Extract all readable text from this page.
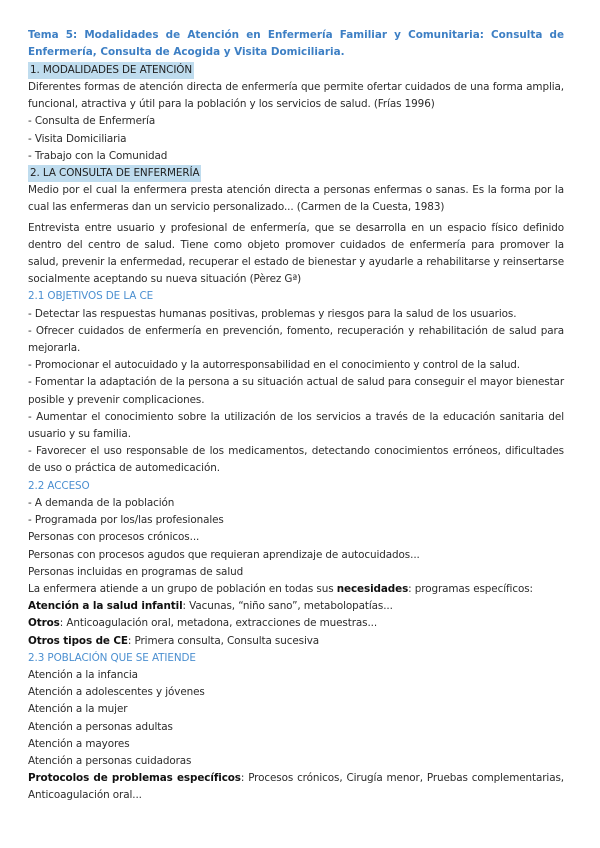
Tema 5: Modalidades de Atención en Enfermería Familiar y Comunitaria: Consulta de Enfermería, Consulta de Acogida y Visita Domiciliaria.

1. MODALIDADES DE ATENCIÓN

Diferentes formas de atención directa de enfermería que permite ofertar cuidados de una forma amplia, funcional, atractiva y útil para la población y los servicios de salud. (Frías 1996)

- Consulta de Enfermería

- Visita Domiciliaria

- Trabajo con la Comunidad

2. LA CONSULTA DE ENFERMERÍA

Medio por el cual la enfermera presta atención directa a personas enfermas o sanas. Es la forma por la cual las enfermeras dan un servicio personalizado... (Carmen de la Cuesta, 1983)

Entrevista entre usuario y profesional de enfermería, que se desarrolla en un espacio físico definido dentro del centro de salud. Tiene como objeto promover cuidados de enfermería para promover la salud, prevenir la enfermedad, recuperar el estado de bienestar y ayudarle a rehabilitarse y reinsertarse socialmente aceptando su nueva situación (Pèrez Gª)

2.1 OBJETIVOS DE LA CE

- Detectar las respuestas humanas positivas, problemas y riesgos para la salud de los usuarios.

- Ofrecer cuidados de enfermería en prevención, fomento, recuperación y rehabilitación de salud para mejorarla.

- Promocionar el autocuidado y la autorresponsabilidad en el conocimiento y control de la salud.

- Fomentar la adaptación de la persona a su situación actual de salud para conseguir el mayor bienestar posible y prevenir complicaciones.

- Aumentar el conocimiento sobre la utilización de los servicios a través de la educación sanitaria del usuario y su familia.

- Favorecer el uso responsable de los medicamentos, detectando conocimientos erróneos, dificultades de uso o práctica de automedicación.

2.2 ACCESO

- A demanda de la población

- Programada por los/las profesionales

Personas con procesos crónicos...

Personas con procesos agudos que requieran aprendizaje de autocuidados...

Personas incluidas en programas de salud

La enfermera atiende a un grupo de población en todas sus necesidades: programas específicos:

Atención a la salud infantil: Vacunas, “niño sano”, metabolopatías...

Otros: Anticoagulación oral, metadona, extracciones de muestras...

Otros tipos de CE: Primera consulta, Consulta sucesiva

2.3 POBLACIÓN QUE SE ATIENDE

Atención a la infancia

Atención a adolescentes y jóvenes

Atención a la mujer

Atención a personas adultas

Atención a mayores

Atención a personas cuidadoras

Protocolos de problemas específicos: Procesos crónicos, Cirugía menor, Pruebas complementarias, Anticoagulación oral...
